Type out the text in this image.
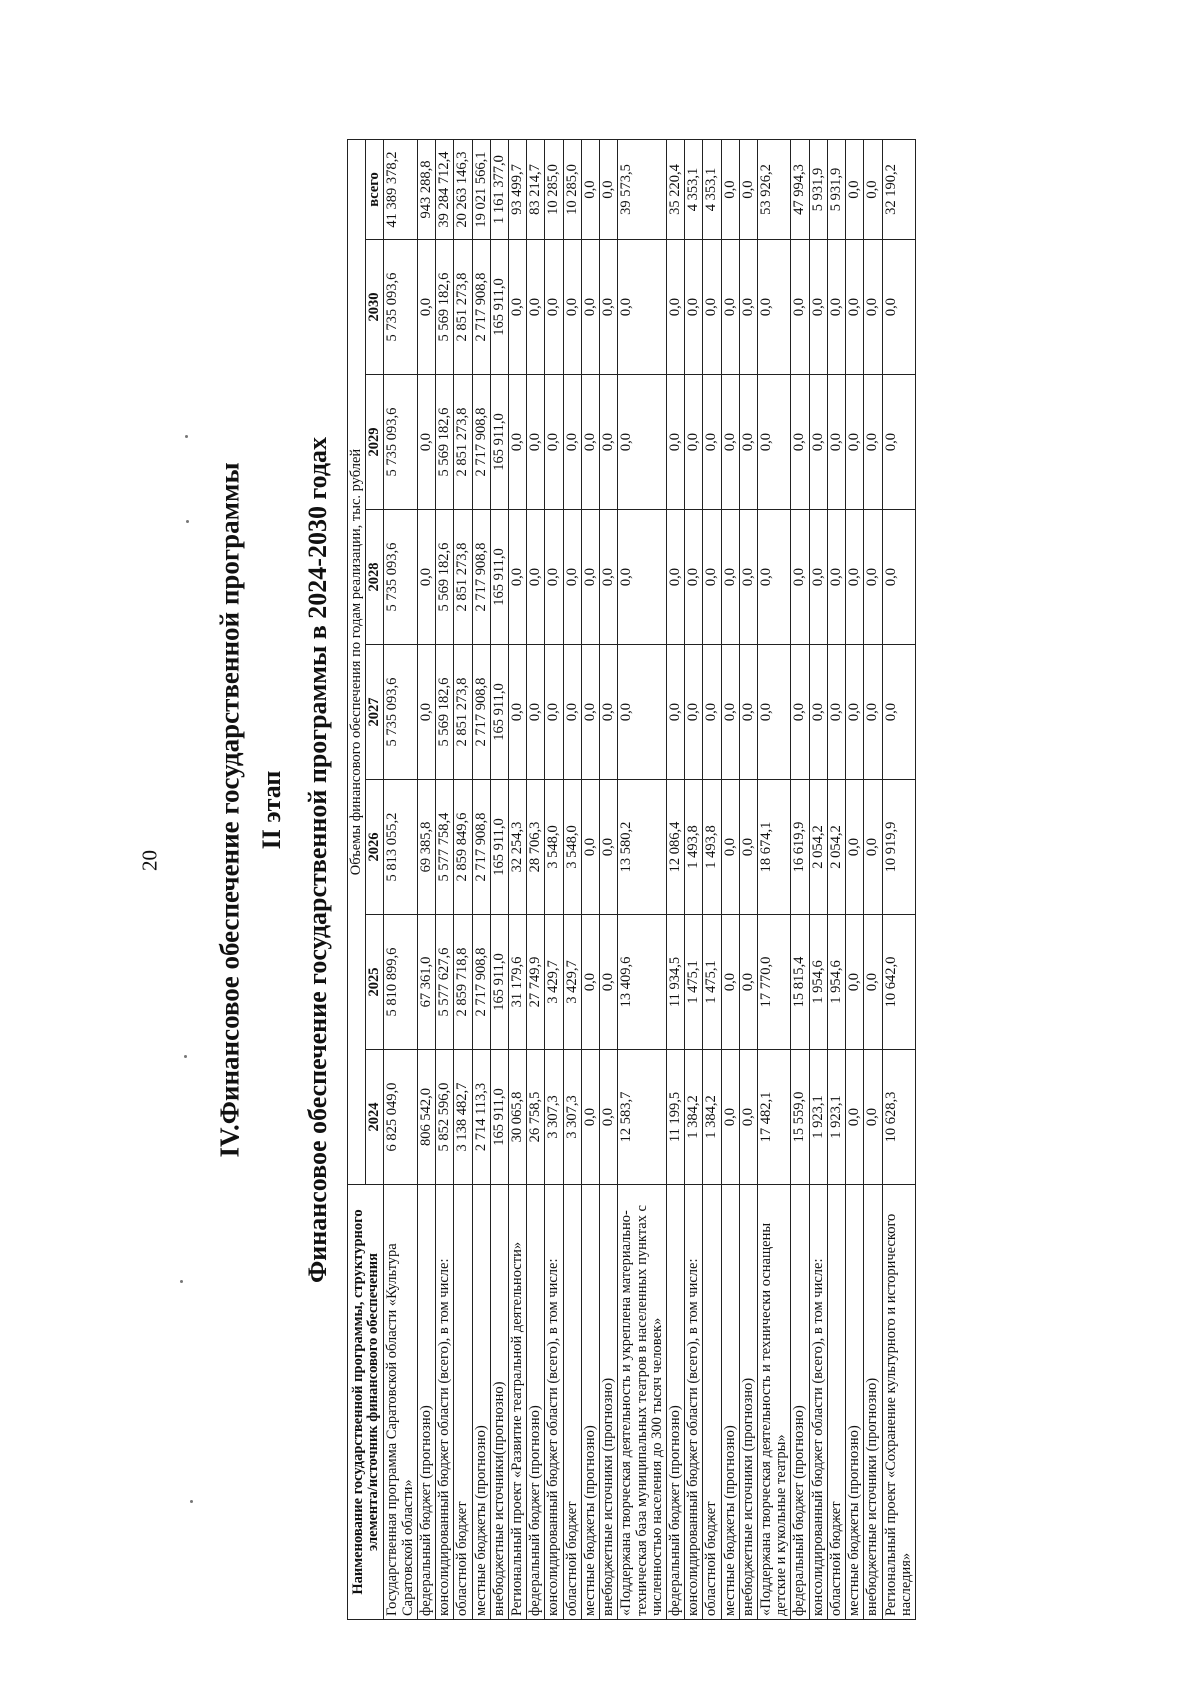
20 IV.Финансовое обеспечение государственной программы II этап Финансовое обеспечение государственной программы в 2024-2030 годах
Наименование государственной программы, структурного элемента/источник финансового обеспечения	Объемы финансового обеспечения по годам реализации, тыс. рублей							
	2024	2025	2026	2027	2028	2029	2030	всего
Государственная программа Саратовской области «Культура Саратовской области»	6 825 049,0	5 810 899,6	5 813 055,2	5 735 093,6	5 735 093,6	5 735 093,6	5 735 093,6	41 389 378,2
федеральный бюджет (прогнозно)	806 542,0	67 361,0	69 385,8	0,0	0,0	0,0	0,0	943 288,8
консолидированный бюджет области (всего), в том числе:	5 852 596,0	5 577 627,6	5 577 758,4	5 569 182,6	5 569 182,6	5 569 182,6	5 569 182,6	39 284 712,4
областной бюджет	3 138 482,7	2 859 718,8	2 859 849,6	2 851 273,8	2 851 273,8	2 851 273,8	2 851 273,8	20 263 146,3
местные бюджеты (прогнозно)	2 714 113,3	2 717 908,8	2 717 908,8	2 717 908,8	2 717 908,8	2 717 908,8	2 717 908,8	19 021 566,1
внебюджетные источники(прогнозно)	165 911,0	165 911,0	165 911,0	165 911,0	165 911,0	165 911,0	165 911,0	1 161 377,0
Региональный проект «Развитие театральной деятельности»	30 065,8	31 179,6	32 254,3	0,0	0,0	0,0	0,0	93 499,7
федеральный бюджет (прогнозно)	26 758,5	27 749,9	28 706,3	0,0	0,0	0,0	0,0	83 214,7
консолидированный бюджет области (всего), в том числе:	3 307,3	3 429,7	3 548,0	0,0	0,0	0,0	0,0	10 285,0
областной бюджет	3 307,3	3 429,7	3 548,0	0,0	0,0	0,0	0,0	10 285,0
местные бюджеты (прогнозно)	0,0	0,0	0,0	0,0	0,0	0,0	0,0	0,0
внебюджетные источники (прогнозно)	0,0	0,0	0,0	0,0	0,0	0,0	0,0	0,0
«Поддержана творческая деятельность и укреплена материально-техническая база муниципальных театров в населенных пунктах с численностью населения до 300 тысяч человек»	12 583,7	13 409,6	13 580,2	0,0	0,0	0,0	0,0	39 573,5
федеральный бюджет (прогнозно)	11 199,5	11 934,5	12 086,4	0,0	0,0	0,0	0,0	35 220,4
консолидированный бюджет области (всего), в том числе:	1 384,2	1 475,1	1 493,8	0,0	0,0	0,0	0,0	4 353,1
областной бюджет	1 384,2	1 475,1	1 493,8	0,0	0,0	0,0	0,0	4 353,1
местные бюджеты (прогнозно)	0,0	0,0	0,0	0,0	0,0	0,0	0,0	0,0
внебюджетные источники (прогнозно)	0,0	0,0	0,0	0,0	0,0	0,0	0,0	0,0
«Поддержана творческая деятельность и технически оснащены детские и кукольные театры»	17 482,1	17 770,0	18 674,1	0,0	0,0	0,0	0,0	53 926,2
федеральный бюджет (прогнозно)	15 559,0	15 815,4	16 619,9	0,0	0,0	0,0	0,0	47 994,3
консолидированный бюджет области (всего), в том числе:	1 923,1	1 954,6	2 054,2	0,0	0,0	0,0	0,0	5 931,9
областной бюджет	1 923,1	1 954,6	2 054,2	0,0	0,0	0,0	0,0	5 931,9
местные бюджеты (прогнозно)	0,0	0,0	0,0	0,0	0,0	0,0	0,0	0,0
внебюджетные источники (прогнозно)	0,0	0,0	0,0	0,0	0,0	0,0	0,0	0,0
Региональный проект «Сохранение культурного и исторического наследия»	10 628,3	10 642,0	10 919,9	0,0	0,0	0,0	0,0	32 190,2
